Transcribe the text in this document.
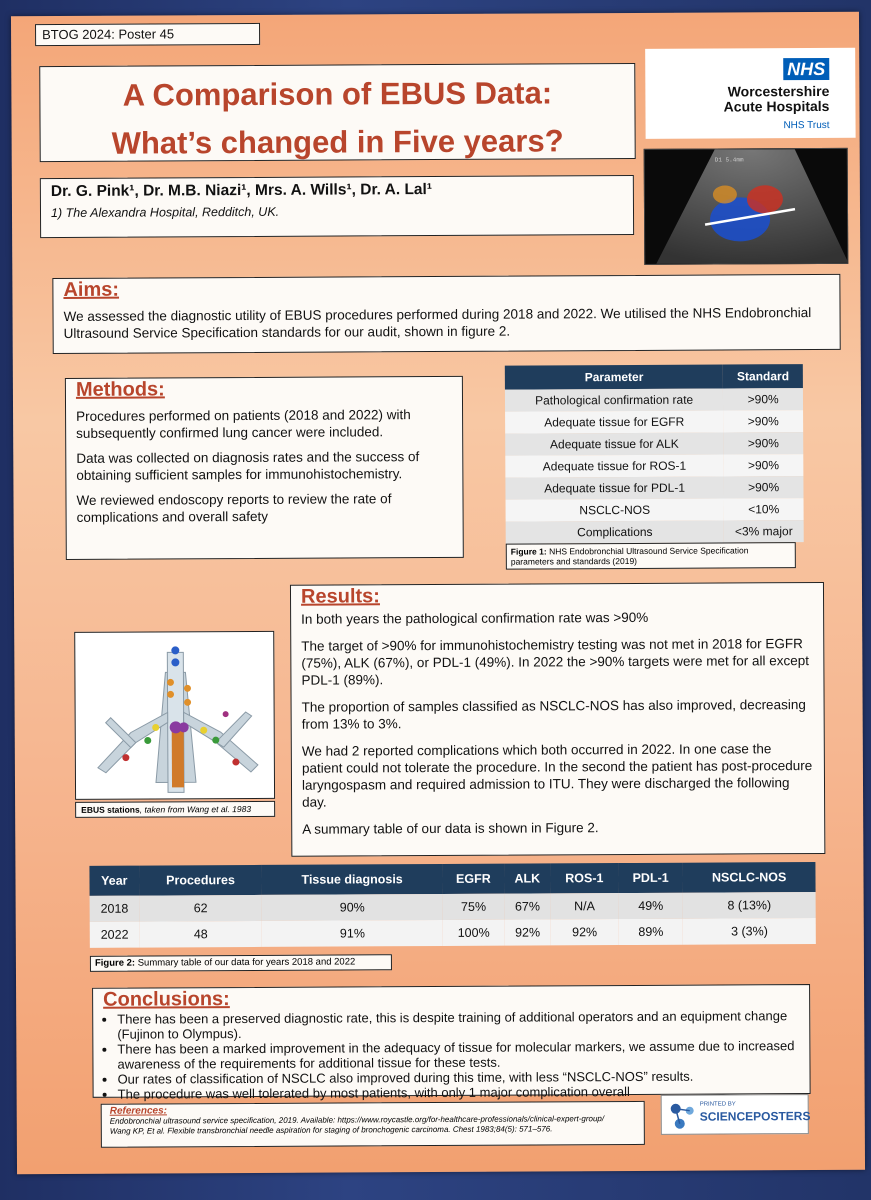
BTOG 2024: Poster 45
A Comparison of EBUS Data:
What’s changed in Five years?
Dr. G. Pink¹, Dr. M.B. Niazi¹, Mrs. A. Wills¹, Dr. A. Lal¹
1) The Alexandra Hospital, Redditch, UK.
NHS
Worcestershire
Acute Hospitals
NHS Trust
D1 5.4mm
Aims:
We assessed the diagnostic utility of EBUS procedures performed during 2018 and 2022. We utilised the NHS Endobronchial Ultrasound Service Specification standards for our audit, shown in figure 2.
Methods:

Procedures performed on patients (2018 and 2022) with subsequently confirmed lung cancer were included.

Data was collected on diagnosis rates and the success of obtaining sufficient samples for immunohistochemistry.

We reviewed endoscopy reports to review the rate of complications and overall safety

Parameter	Standard
Pathological confirmation rate	>90%
Adequate tissue for EGFR	>90%
Adequate tissue for ALK	>90%
Adequate tissue for ROS-1	>90%
Adequate tissue for PDL-1	>90%
NSCLC-NOS	<10%
Complications	<3% major
Figure 1: NHS Endobronchial Ultrasound Service Specification parameters and standards (2019)
EBUS stations, taken from Wang et al. 1983
Results:

In both years the pathological confirmation rate was >90%

The target of >90% for immunohistochemistry testing was not met in 2018 for EGFR (75%), ALK (67%), or PDL-1 (49%). In 2022 the >90% targets were met for all except PDL-1 (89%).

The proportion of samples classified as NSCLC-NOS has also improved, decreasing from 13% to 3%.

We had 2 reported complications which both occurred in 2022. In one case the patient could not tolerate the procedure. In the second the patient has post-procedure laryngospasm and required admission to ITU. They were discharged the following day.

A summary table of our data is shown in Figure 2.

Year	Procedures	Tissue diagnosis	EGFR	ALK	ROS-1	PDL-1	NSCLC-NOS
2018	62	90%	75%	67%	N/A	49%	8 (13%)
2022	48	91%	100%	92%	92%	89%	3 (3%)
Figure 2: Summary table of our data for years 2018 and 2022
Conclusions:
• There has been a preserved diagnostic rate, this is despite training of additional operators and an equipment change (Fujinon to Olympus).
• There has been a marked improvement in the adequacy of tissue for molecular markers, we assume due to increased awareness of the requirements for additional tissue for these tests.
• Our rates of classification of NSCLC also improved during this time, with less “NSCLC-NOS” results.
• The procedure was well tolerated by most patients, with only 1 major complication overall
References:
Endobronchial ultrasound service specification, 2019. Available: https://www.roycastle.org/for-healthcare-professionals/clinical-expert-group/
Wang KP, Et al. Flexible transbronchial needle aspiration for staging of bronchogenic carcinoma. Chest 1983;84(5): 571–576.
PRINTED BY
SCIENCEPOSTERS
